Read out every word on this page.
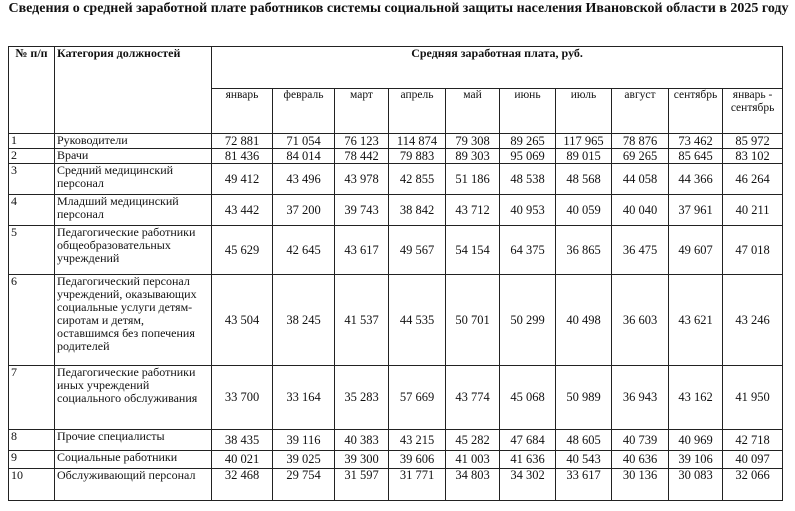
Сведения о средней заработной плате работников системы социальной защиты населения Ивановской области в 2025 году
№ п/п	Категория должностей	Средняя заработная плата, руб.									
		январь	февраль	март	апрель	май	июнь	июль	август	сентябрь	январь - сентябрь
1	Руководители	72 881	71 054	76 123	114 874	79 308	89 265	117 965	78 876	73 462	85 972
2	Врачи	81 436	84 014	78 442	79 883	89 303	95 069	89 015	69 265	85 645	83 102
3	Средний медицинский персонал	49 412	43 496	43 978	42 855	51 186	48 538	48 568	44 058	44 366	46 264
4	Младший медицинский персонал	43 442	37 200	39 743	38 842	43 712	40 953	40 059	40 040	37 961	40 211
5	Педагогические работники общеобразовательных учреждений	45 629	42 645	43 617	49 567	54 154	64 375	36 865	36 475	49 607	47 018
6	Педагогический персонал учреждений, оказывающих социальные услуги детям-сиротам и детям, оставшимся без попечения родителей	43 504	38 245	41 537	44 535	50 701	50 299	40 498	36 603	43 621	43 246
7	Педагогические работники иных учреждений социального обслуживания	33 700	33 164	35 283	57 669	43 774	45 068	50 989	36 943	43 162	41 950
8	Прочие специалисты	38 435	39 116	40 383	43 215	45 282	47 684	48 605	40 739	40 969	42 718
9	Социальные работники	40 021	39 025	39 300	39 606	41 003	41 636	40 543	40 636	39 106	40 097
10	Обслуживающий персонал	32 468	29 754	31 597	31 771	34 803	34 302	33 617	30 136	30 083	32 066
